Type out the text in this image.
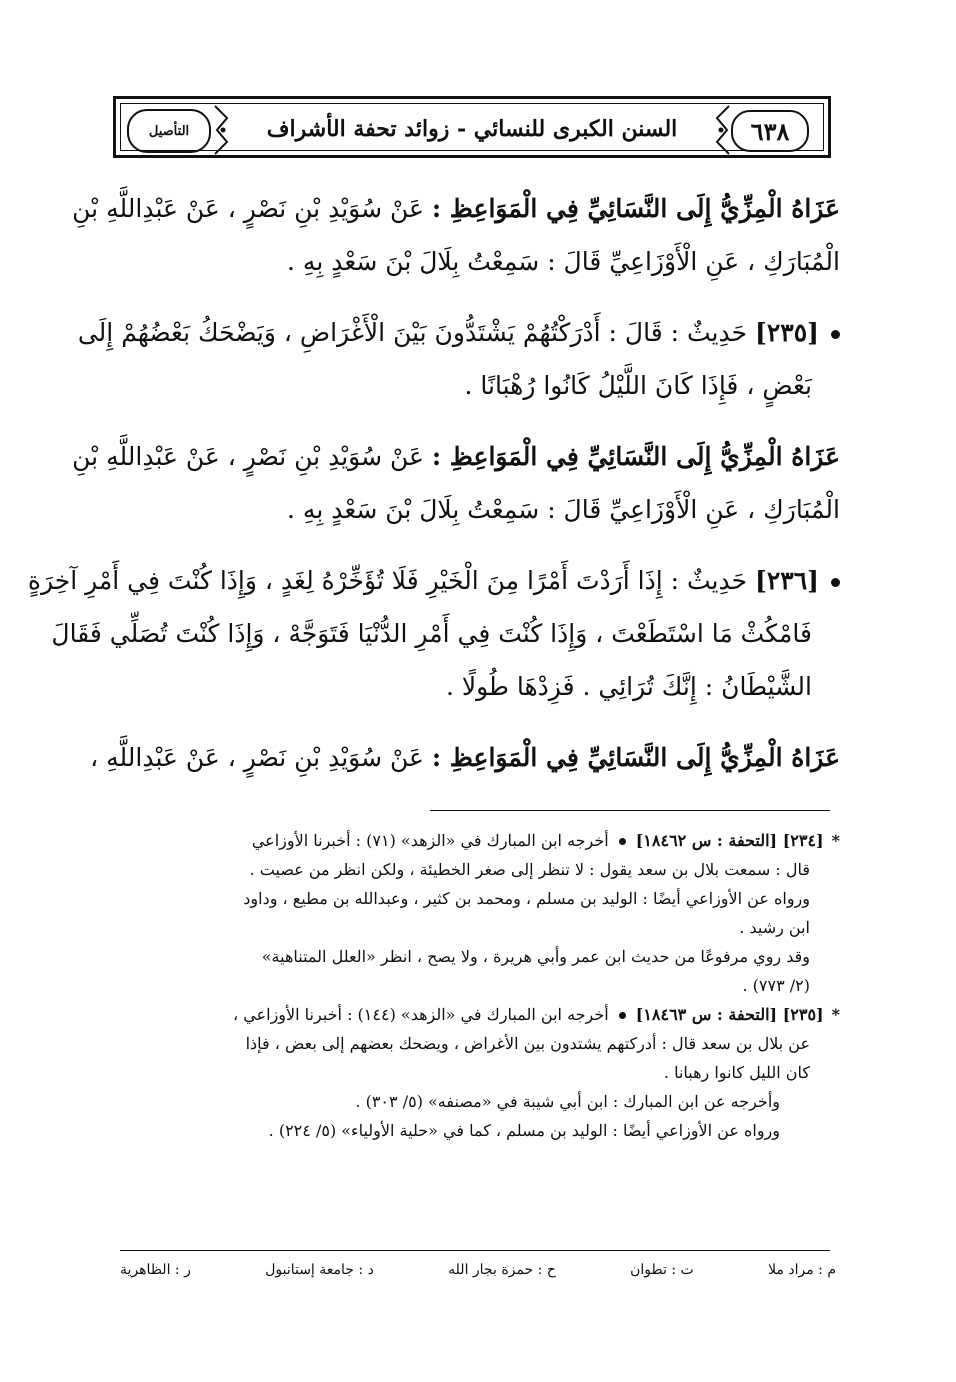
٦٣٨
السنن الكبرى للنسائي - زوائد تحفة الأشراف
التأصيل
عَزَاهُ الْمِزِّيُّ إِلَى النَّسَائِيِّ فِي الْمَوَاعِظِ : عَنْ سُوَيْدِ بْنِ نَصْرٍ ، عَنْ عَبْدِاللَّهِ بْنِ
الْمُبَارَكِ ، عَنِ الْأَوْزَاعِيِّ قَالَ : سَمِعْتُ بِلَالَ بْنَ سَعْدٍ بِهِ .
[٢٣٥] حَدِيثٌ : قَالَ : أَدْرَكْتُهُمْ يَشْتَدُّونَ بَيْنَ الْأَغْرَاضِ ، وَيَضْحَكُ بَعْضُهُمْ إِلَى
بَعْضٍ ، فَإِذَا كَانَ اللَّيْلُ كَانُوا رُهْبَانًا .
عَزَاهُ الْمِزِّيُّ إِلَى النَّسَائِيِّ فِي الْمَوَاعِظِ : عَنْ سُوَيْدِ بْنِ نَصْرٍ ، عَنْ عَبْدِاللَّهِ بْنِ
الْمُبَارَكِ ، عَنِ الْأَوْزَاعِيِّ قَالَ : سَمِعْتُ بِلَالَ بْنَ سَعْدٍ بِهِ .
[٢٣٦] حَدِيثٌ : إِذَا أَرَدْتَ أَمْرًا مِنَ الْخَيْرِ فَلَا تُؤَخِّرْهُ لِغَدٍ ، وَإِذَا كُنْتَ فِي أَمْرِ آخِرَةٍ
فَامْكُثْ مَا اسْتَطَعْتَ ، وَإِذَا كُنْتَ فِي أَمْرِ الدُّنْيَا فَتَوَجَّهْ ، وَإِذَا كُنْتَ تُصَلِّي فَقَالَ
الشَّيْطَانُ : إِنَّكَ تُرَائِي . فَزِدْهَا طُولًا .
عَزَاهُ الْمِزِّيُّ إِلَى النَّسَائِيِّ فِي الْمَوَاعِظِ : عَنْ سُوَيْدِ بْنِ نَصْرٍ ، عَنْ عَبْدِاللَّهِ ،
*[٢٣٤] [التحفة : س ١٨٤٦٢]أخرجه ابن المبارك في «الزهد» (٧١) : أخبرنا الأوزاعي
قال : سمعت بلال بن سعد يقول : لا تنظر إلى صغر الخطيئة ، ولكن انظر من عصيت .
ورواه عن الأوزاعي أيضًا : الوليد بن مسلم ، ومحمد بن كثير ، وعبدالله بن مطيع ، وداود
ابن رشيد .
وقد روي مرفوعًا من حديث ابن عمر وأبي هريرة ، ولا يصح ، انظر «العلل المتناهية»
(٢/ ٧٧٣) .
*[٢٣٥] [التحفة : س ١٨٤٦٣]أخرجه ابن المبارك في «الزهد» (١٤٤) : أخبرنا الأوزاعي ،
عن بلال بن سعد قال : أدركتهم يشتدون بين الأغراض ، ويضحك بعضهم إلى بعض ، فإذا
كان الليل كانوا رهبانا .
وأخرجه عن ابن المبارك : ابن أبي شيبة في «مصنفه» (٥/ ٣٠٣) .
ورواه عن الأوزاعي أيضًا : الوليد بن مسلم ، كما في «حلية الأولياء» (٥/ ٢٢٤) .
م : مراد ملا
ت : تطوان
ح : حمزة بجار الله
د : جامعة إستانبول
ر : الظاهرية
